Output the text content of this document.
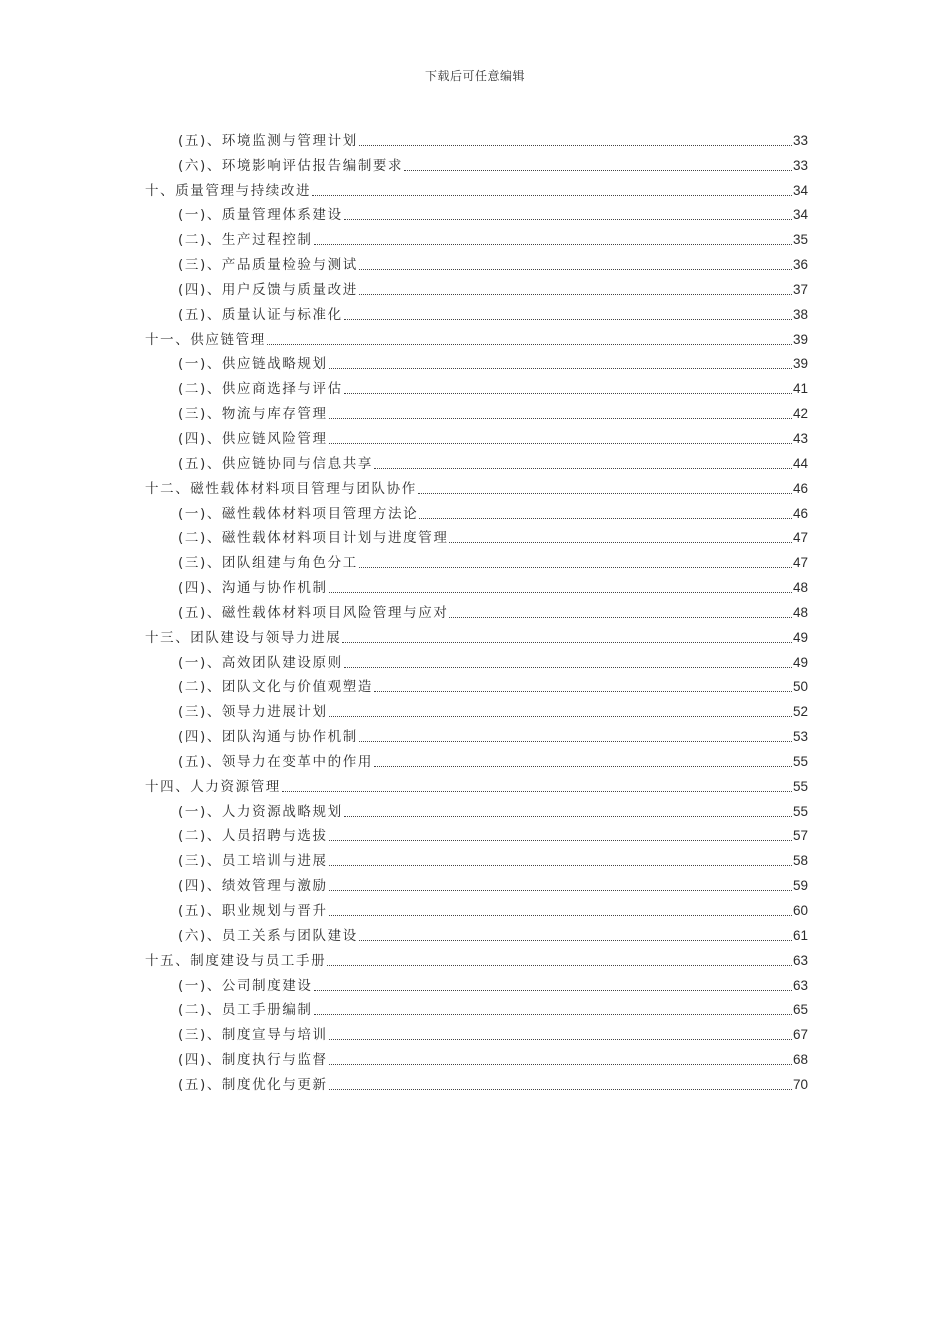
下载后可任意编辑
(五)、环境监测与管理计划	33
(六)、环境影响评估报告编制要求	33
十、质量管理与持续改进	34
(一)、质量管理体系建设	34
(二)、生产过程控制	35
(三)、产品质量检验与测试	36
(四)、用户反馈与质量改进	37
(五)、质量认证与标准化	38
十一、供应链管理	39
(一)、供应链战略规划	39
(二)、供应商选择与评估	41
(三)、物流与库存管理	42
(四)、供应链风险管理	43
(五)、供应链协同与信息共享	44
十二、磁性载体材料项目管理与团队协作	46
(一)、磁性载体材料项目管理方法论	46
(二)、磁性载体材料项目计划与进度管理	47
(三)、团队组建与角色分工	47
(四)、沟通与协作机制	48
(五)、磁性载体材料项目风险管理与应对	48
十三、团队建设与领导力进展	49
(一)、高效团队建设原则	49
(二)、团队文化与价值观塑造	50
(三)、领导力进展计划	52
(四)、团队沟通与协作机制	53
(五)、领导力在变革中的作用	55
十四、人力资源管理	55
(一)、人力资源战略规划	55
(二)、人员招聘与选拔	57
(三)、员工培训与进展	58
(四)、绩效管理与激励	59
(五)、职业规划与晋升	60
(六)、员工关系与团队建设	61
十五、制度建设与员工手册	63
(一)、公司制度建设	63
(二)、员工手册编制	65
(三)、制度宣导与培训	67
(四)、制度执行与监督	68
(五)、制度优化与更新	70
